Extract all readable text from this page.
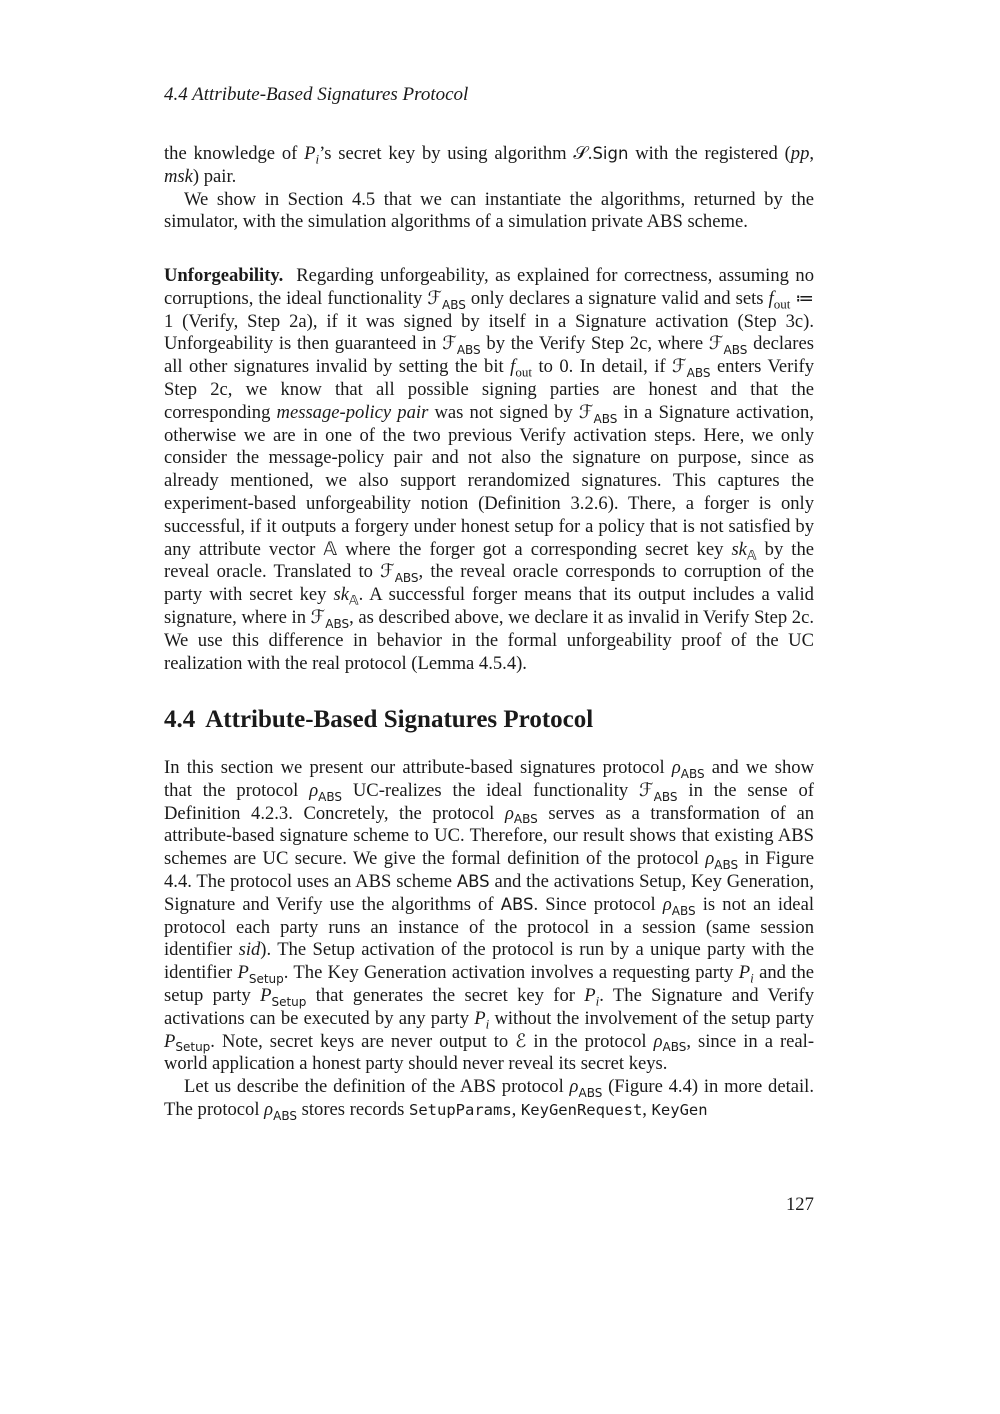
4.4 Attribute-Based Signatures Protocol

the knowledge of $P_i’s$ secret key by using algorithm 𝒮.Sign with the registered (pp, msk) pair.

We show in Section 4.5 that we can instantiate the algorithms, returned by the simulator, with the simulation algorithms of a simulation private ABS scheme.

Unforgeability.  Regarding unforgeability, as explained for correctness, assuming no corruptions, the ideal functionality ℱ$_{ABS}$ only declares a signature valid and sets $f_{out}$ ≔ 1 (Verify, Step 2a), if it was signed by itself in a Signature activation (Step 3c). Unforgeability is then guaranteed in ℱ$_{ABS}$ by the Verify Step 2c, where ℱ$_{ABS}$ declares all other signatures invalid by setting the bit $f_{out}$ to 0. In detail, if ℱ$_{ABS}$ enters Verify Step 2c, we know that all possible signing parties are honest and that the corresponding message-policy pair was not signed by ℱ$_{ABS}$ in a Signature activation, otherwise we are in one of the two previous Verify activation steps. Here, we only consider the message-policy pair and not also the signature on purpose, since as already mentioned, we also support rerandomized signatures. This captures the experiment-based unforgeability notion (Definition 3.2.6). There, a forger is only successful, if it outputs a forgery under honest setup for a policy that is not satisfied by any attribute vector 𝔸 where the forger got a corresponding secret key $sk_𝔸$ by the reveal oracle. Translated to ℱ$_{ABS}$, the reveal oracle corresponds to corruption of the party with secret key $sk_𝔸$. A successful forger means that its output includes a valid signature, where in ℱ$_{ABS}$, as described above, we declare it as invalid in Verify Step 2c. We use this difference in behavior in the formal unforgeability proof of the UC realization with the real protocol (Lemma 4.5.4).

4.4 Attribute-Based Signatures Protocol

In this section we present our attribute-based signatures protocol $\rho_{ABS}$ and we show that the protocol $\rho_{ABS}$ UC-realizes the ideal functionality ℱ$_{ABS}$ in the sense of Definition 4.2.3. Concretely, the protocol $\rho_{ABS}$ serves as a transformation of an attribute-based signature scheme to UC. Therefore, our result shows that existing ABS schemes are UC secure. We give the formal definition of the protocol $\rho_{ABS}$ in Figure 4.4. The protocol uses an ABS scheme ABS and the activations Setup, Key Generation, Signature and Verify use the algorithms of ABS. Since protocol $\rho_{ABS}$ is not an ideal protocol each party runs an instance of the protocol in a session (same session identifier sid). The Setup activation of the protocol is run by a unique party with the identifier $P_{Setup}$. The Key Generation activation involves a requesting party $P_i$ and the setup party $P_{Setup}$ that generates the secret key for $P_i$. The Signature and Verify activations can be executed by any party $P_i$ without the involvement of the setup party $P_{Setup}$. Note, secret keys are never output to ℰ in the protocol $\rho_{ABS}$, since in a real-world application a honest party should never reveal its secret keys.

Let us describe the definition of the ABS protocol $\rho_{ABS}$ (Figure 4.4) in more detail. The protocol $\rho_{ABS}$ stores records SetupParams, KeyGenRequest, KeyGen

127
